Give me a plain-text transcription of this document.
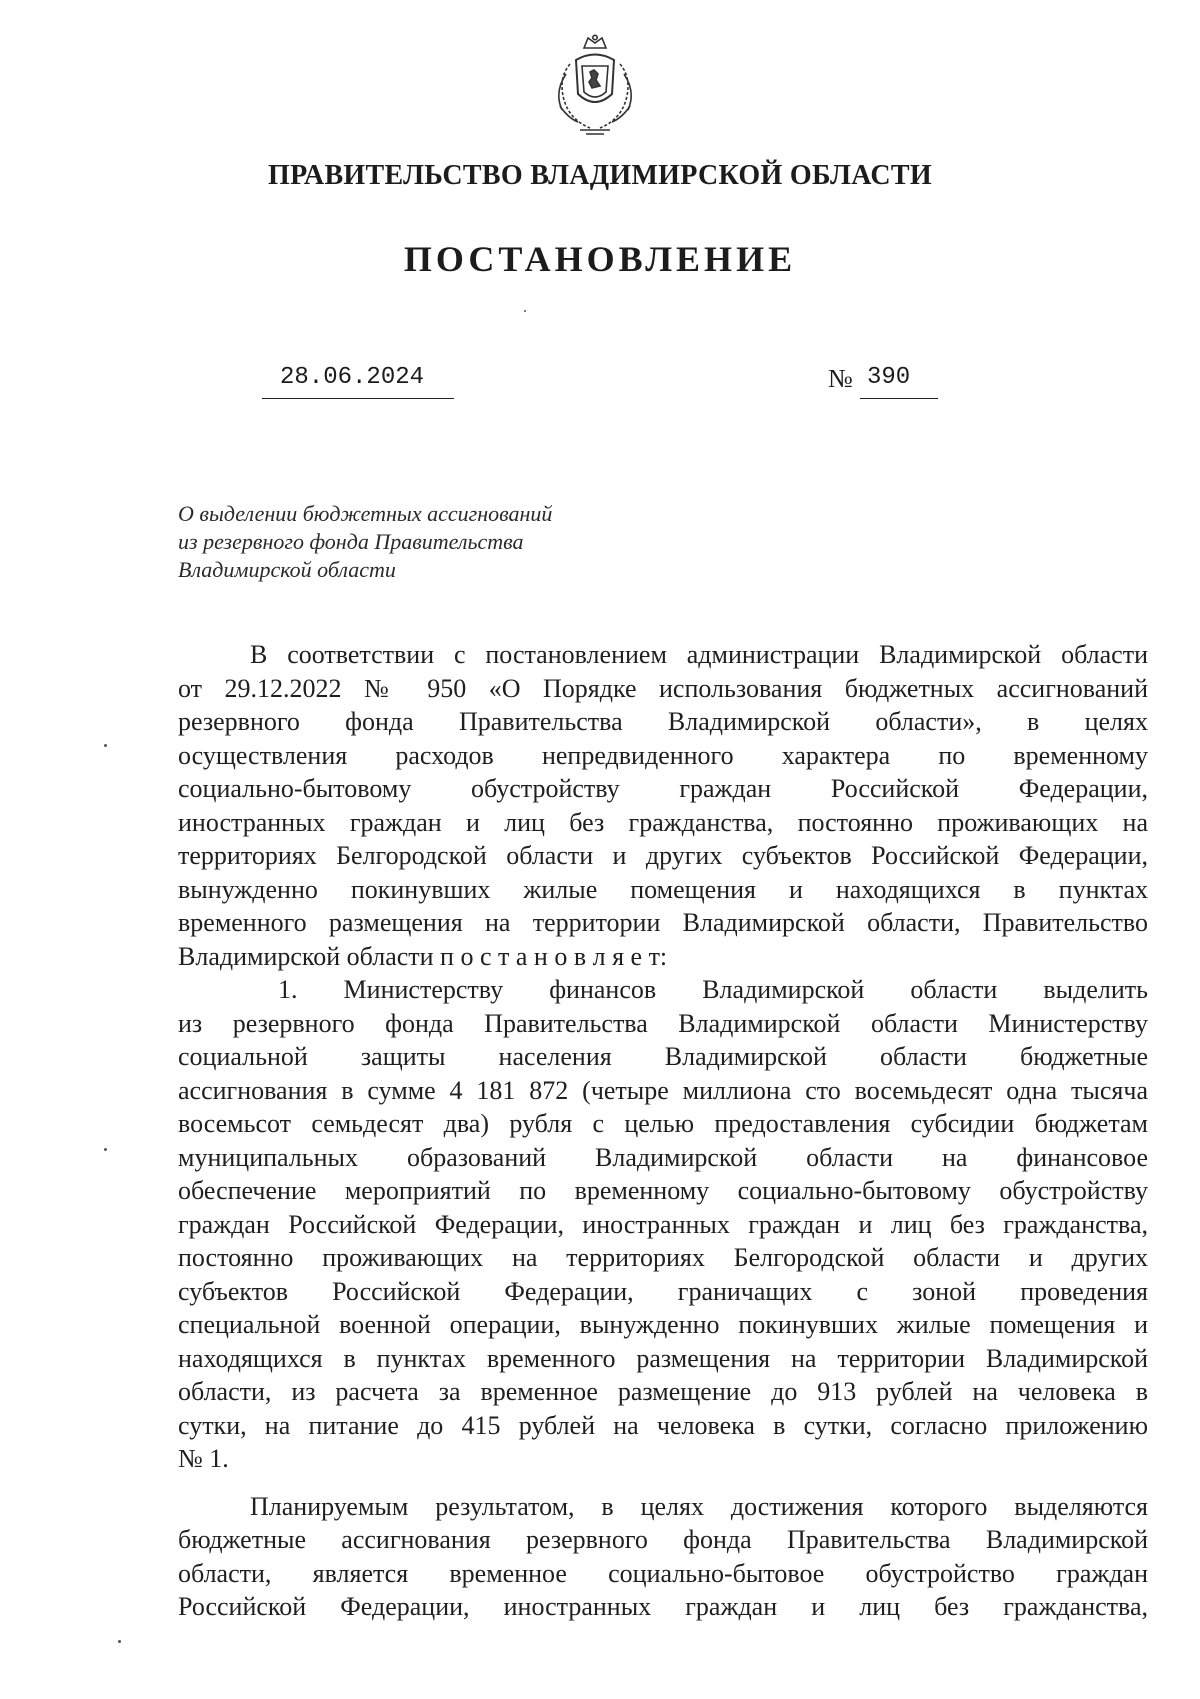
ПРАВИТЕЛЬСТВО ВЛАДИМИРСКОЙ ОБЛАСТИ
ПОСТАНОВЛЕНИЕ
28.06.2024	№ 390
О выделении бюджетных ассигнований
из резервного фонда Правительства
Владимирской области
В соответствии с постановлением администрации Владимирской области
от 29.12.2022 № 950 «О Порядке использования бюджетных ассигнований
резервного фонда Правительства Владимирской области», в целях
осуществления расходов непредвиденного характера по временному
социально-бытовому обустройству граждан Российской Федерации,
иностранных граждан и лиц без гражданства, постоянно проживающих на
территориях Белгородской области и других субъектов Российской Федерации,
вынужденно покинувших жилые помещения и находящихся в пунктах
временного размещения на территории Владимирской области, Правительство
Владимирской области п о с т а н о в л я е т:
1. Министерству финансов Владимирской области выделить
из резервного фонда Правительства Владимирской области Министерству
социальной защиты населения Владимирской области бюджетные
ассигнования в сумме 4 181 872 (четыре миллиона сто восемьдесят одна тысяча
восемьсот семьдесят два) рубля с целью предоставления субсидии бюджетам
муниципальных образований Владимирской области на финансовое
обеспечение мероприятий по временному социально-бытовому обустройству
граждан Российской Федерации, иностранных граждан и лиц без гражданства,
постоянно проживающих на территориях Белгородской области и других
субъектов Российской Федерации, граничащих с зоной проведения
специальной военной операции, вынужденно покинувших жилые помещения и
находящихся в пунктах временного размещения на территории Владимирской
области, из расчета за временное размещение до 913 рублей на человека в
сутки, на питание до 415 рублей на человека в сутки, согласно приложению
№ 1.
Планируемым результатом, в целях достижения которого выделяются
бюджетные ассигнования резервного фонда Правительства Владимирской
области, является временное социально-бытовое обустройство граждан
Российской Федерации, иностранных граждан и лиц без гражданства,
